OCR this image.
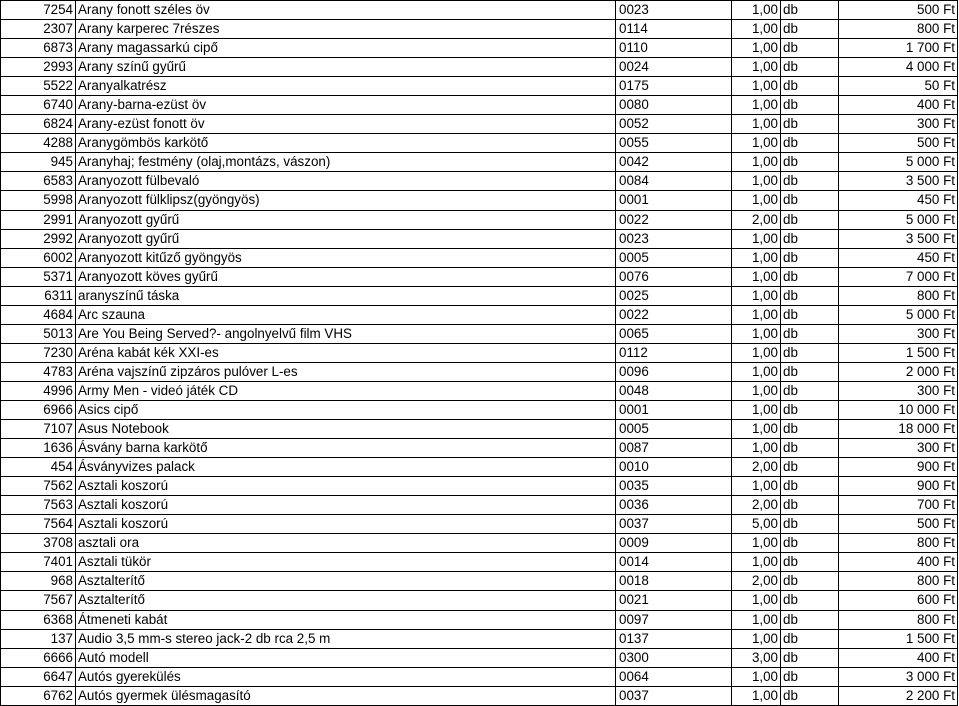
7254	Arany fonott széles öv	0023	1,00	db	500 Ft
2307	Arany karperec 7részes	0114	1,00	db	800 Ft
6873	Arany magassarkú cipő	0110	1,00	db	1 700 Ft
2993	Arany színű gyűrű	0024	1,00	db	4 000 Ft
5522	Aranyalkatrész	0175	1,00	db	50 Ft
6740	Arany-barna-ezüst öv	0080	1,00	db	400 Ft
6824	Arany-ezüst fonott öv	0052	1,00	db	300 Ft
4288	Aranygömbös karkötő	0055	1,00	db	500 Ft
945	Aranyhaj; festmény (olaj,montázs, vászon)	0042	1,00	db	5 000 Ft
6583	Aranyozott fülbevaló	0084	1,00	db	3 500 Ft
5998	Aranyozott fülklipsz(gyöngyös)	0001	1,00	db	450 Ft
2991	Aranyozott gyűrű	0022	2,00	db	5 000 Ft
2992	Aranyozott gyűrű	0023	1,00	db	3 500 Ft
6002	Aranyozott kitűző gyöngyös	0005	1,00	db	450 Ft
5371	Aranyozott köves gyűrű	0076	1,00	db	7 000 Ft
6311	aranyszínű táska	0025	1,00	db	800 Ft
4684	Arc szauna	0022	1,00	db	5 000 Ft
5013	Are You Being Served?- angolnyelvű film VHS	0065	1,00	db	300 Ft
7230	Aréna kabát kék XXI-es	0112	1,00	db	1 500 Ft
4783	Aréna vajszínű zipzáros pulóver L-es	0096	1,00	db	2 000 Ft
4996	Army Men - videó játék CD	0048	1,00	db	300 Ft
6966	Asics cipő	0001	1,00	db	10 000 Ft
7107	Asus Notebook	0005	1,00	db	18 000 Ft
1636	Ásvány barna karkötő	0087	1,00	db	300 Ft
454	Ásványvizes palack	0010	2,00	db	900 Ft
7562	Asztali koszorú	0035	1,00	db	900 Ft
7563	Asztali koszorú	0036	2,00	db	700 Ft
7564	Asztali koszorú	0037	5,00	db	500 Ft
3708	asztali ora	0009	1,00	db	800 Ft
7401	Asztali tükör	0014	1,00	db	400 Ft
968	Asztalterítő	0018	2,00	db	800 Ft
7567	Asztalterítő	0021	1,00	db	600 Ft
6368	Átmeneti kabát	0097	1,00	db	800 Ft
137	Audio 3,5 mm-s stereo jack-2 db rca 2,5 m	0137	1,00	db	1 500 Ft
6666	Autó modell	0300	3,00	db	400 Ft
6647	Autós gyerekülés	0064	1,00	db	3 000 Ft
6762	Autós gyermek ülésmagasító	0037	1,00	db	2 200 Ft
